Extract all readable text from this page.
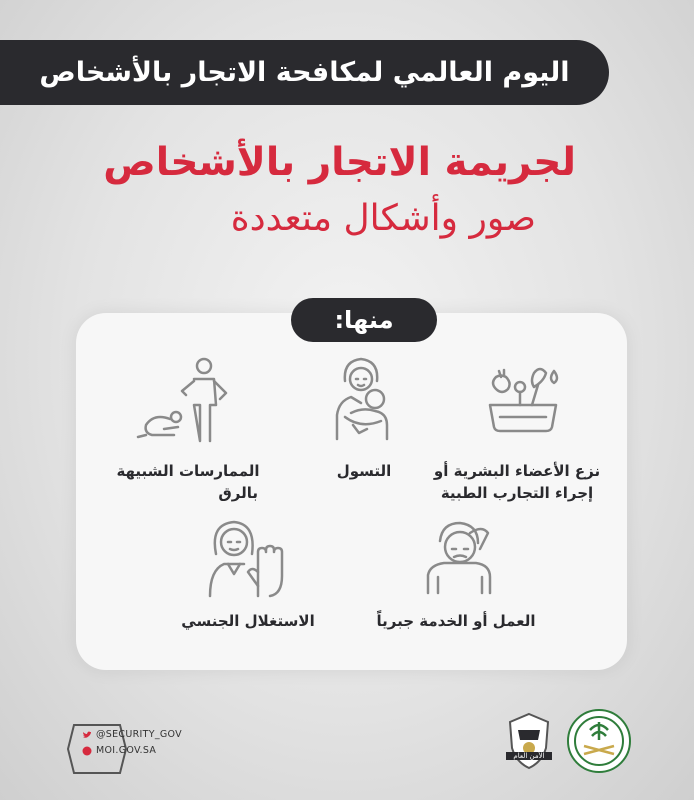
اليوم العالمي لمكافحة الاتجار بالأشخاص
لجريمة الاتجار بالأشخاص
صور وأشكال متعددة
منها:
نزع الأعضاء البشرية أو
إجراء التجارب الطبية
التسول
الممارسات الشبيهة
بالرق
العمل أو الخدمة جبرياً
الاستغلال الجنسي
@SECURITY_GOV
MOI.GOV.SA	الأمن العام
